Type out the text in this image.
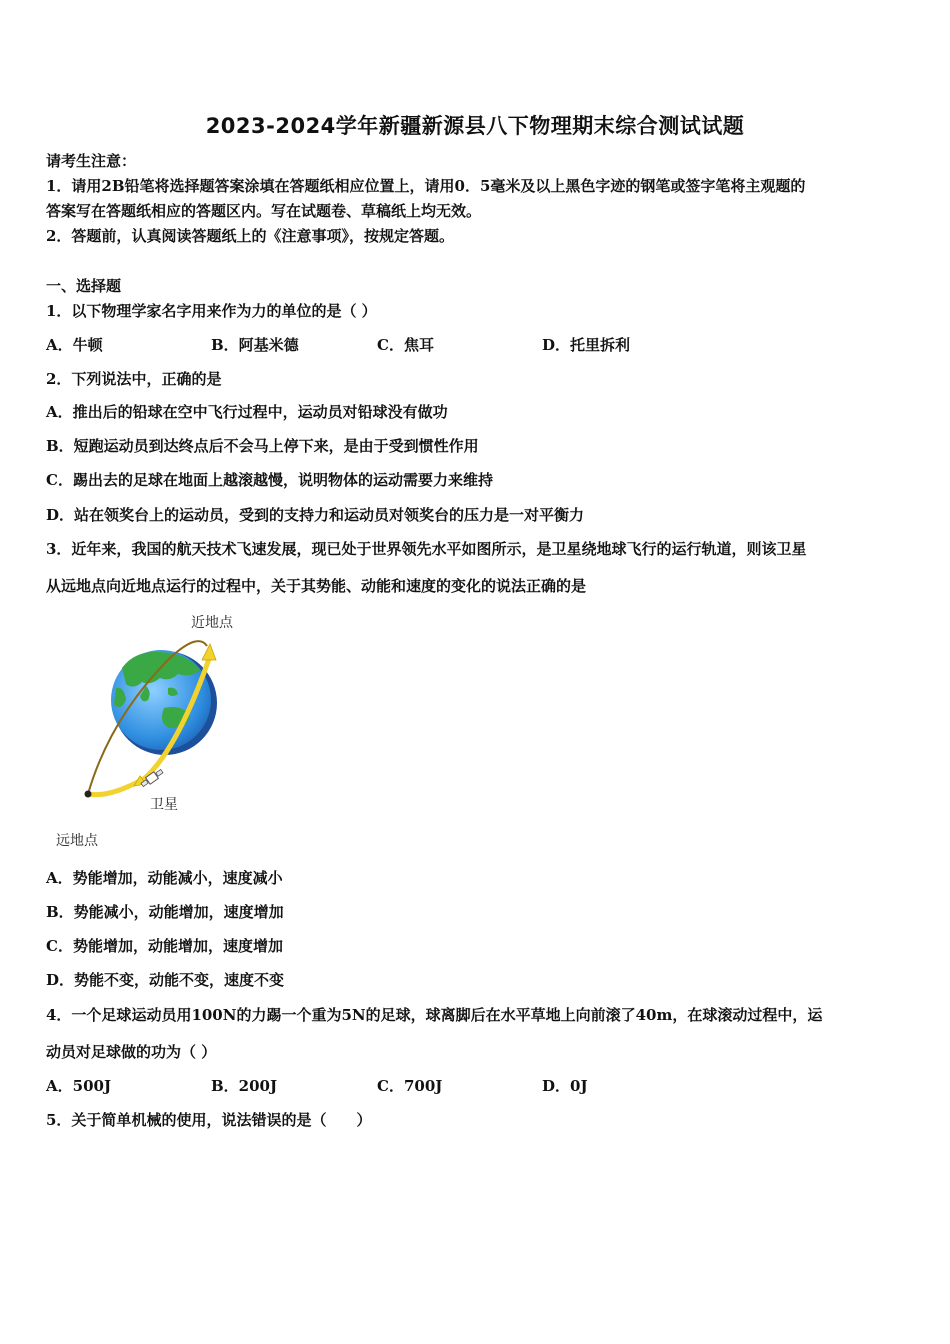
2023-2024学年新疆新源县八下物理期末综合测试试题
请考生注意：
1．请用2B铅笔将选择题答案涂填在答题纸相应位置上，请用0．5毫米及以上黑色字迹的钢笔或签字笔将主观题的
答案写在答题纸相应的答题区内。写在试题卷、草稿纸上均无效。
2．答题前，认真阅读答题纸上的《注意事项》，按规定答题。
一、选择题
1．以下物理学家名字用来作为力的单位的是（ ）
A．牛顿	B．阿基米德	C．焦耳	D．托里拆利
2．下列说法中，正确的是
A．推出后的铅球在空中飞行过程中，运动员对铅球没有做功
B．短跑运动员到达终点后不会马上停下来，是由于受到惯性作用
C．踢出去的足球在地面上越滚越慢，说明物体的运动需要力来维持
D．站在领奖台上的运动员，受到的支持力和运动员对领奖台的压力是一对平衡力
3．近年来，我国的航天技术飞速发展，现已处于世界领先水平如图所示，是卫星绕地球飞行的运行轨道，则该卫星
从远地点向近地点运行的过程中，关于其势能、动能和速度的变化的说法正确的是
近地点
卫星
远地点
A．势能增加，动能减小，速度减小
B．势能减小，动能增加，速度增加
C．势能增加，动能增加，速度增加
D．势能不变，动能不变，速度不变
4．一个足球运动员用100N的力踢一个重为5N的足球，球离脚后在水平草地上向前滚了40m，在球滚动过程中，运
动员对足球做的功为（ ）
A．500J	B．200J	C．700J	D．0J
5．关于简单机械的使用，说法错误的是（　　）
